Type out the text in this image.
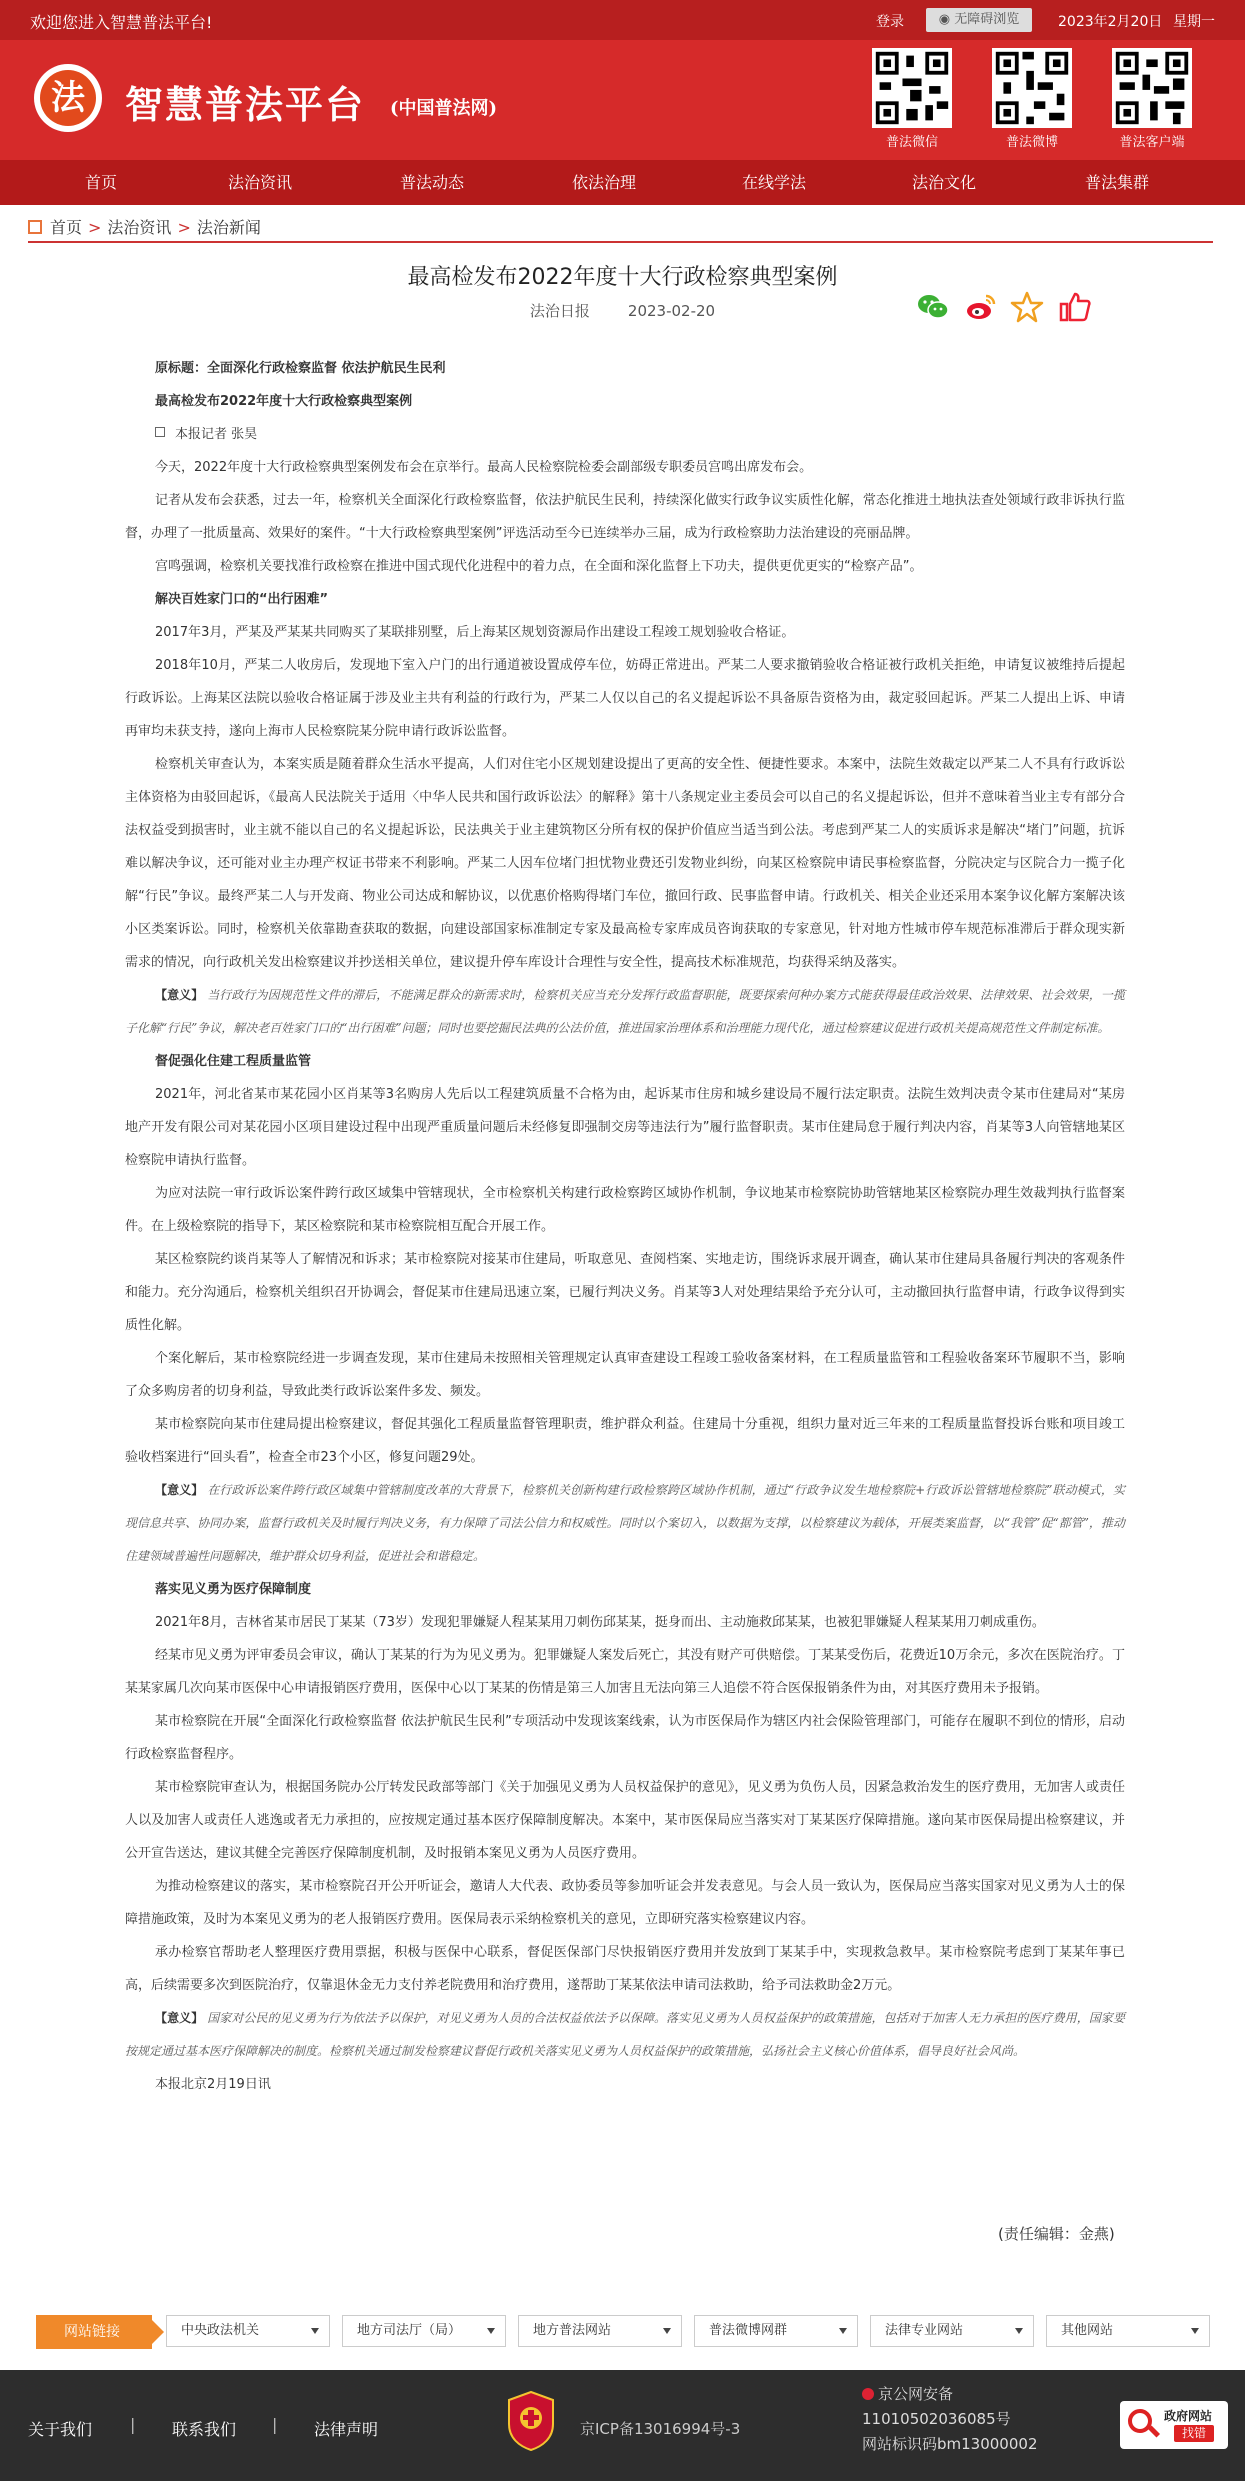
欢迎您进入智慧普法平台!	登录	◉ 无障碍浏览	2023年2月20日 星期一
法 智慧普法平台 (中国普法网)
普法微信	普法微博	普法客户端
首页	法治资讯	普法动态	依法治理	在线学法	法治文化	普法集群
首页 > 法治资讯 > 法治新闻
最高检发布2022年度十大行政检察典型案例
法治日报	2023-02-20

原标题：全面深化行政检察监督 依法护航民生民利

最高检发布2022年度十大行政检察典型案例

本报记者 张昊

今天，2022年度十大行政检察典型案例发布会在京举行。最高人民检察院检委会副部级专职委员宫鸣出席发布会。

记者从发布会获悉，过去一年，检察机关全面深化行政检察监督，依法护航民生民利，持续深化做实行政争议实质性化解，常态化推进土地执法查处领域行政非诉执行监督，办理了一批质量高、效果好的案件。“十大行政检察典型案例”评选活动至今已连续举办三届，成为行政检察助力法治建设的亮丽品牌。

宫鸣强调，检察机关要找准行政检察在推进中国式现代化进程中的着力点，在全面和深化监督上下功夫，提供更优更实的“检察产品”。

解决百姓家门口的“出行困难”

2017年3月，严某及严某某共同购买了某联排别墅，后上海某区规划资源局作出建设工程竣工规划验收合格证。

2018年10月，严某二人收房后，发现地下室入户门的出行通道被设置成停车位，妨碍正常进出。严某二人要求撤销验收合格证被行政机关拒绝，申请复议被维持后提起行政诉讼。上海某区法院以验收合格证属于涉及业主共有利益的行政行为，严某二人仅以自己的名义提起诉讼不具备原告资格为由，裁定驳回起诉。严某二人提出上诉、申请再审均未获支持，遂向上海市人民检察院某分院申请行政诉讼监督。

检察机关审查认为，本案实质是随着群众生活水平提高，人们对住宅小区规划建设提出了更高的安全性、便捷性要求。本案中，法院生效裁定以严某二人不具有行政诉讼主体资格为由驳回起诉，《最高人民法院关于适用〈中华人民共和国行政诉讼法〉的解释》第十八条规定业主委员会可以自己的名义提起诉讼，但并不意味着当业主专有部分合法权益受到损害时，业主就不能以自己的名义提起诉讼，民法典关于业主建筑物区分所有权的保护价值应当适当到公法。考虑到严某二人的实质诉求是解决“堵门”问题，抗诉难以解决争议，还可能对业主办理产权证书带来不利影响。严某二人因车位堵门担忧物业费还引发物业纠纷，向某区检察院申请民事检察监督，分院决定与区院合力一揽子化解“行民”争议。最终严某二人与开发商、物业公司达成和解协议，以优惠价格购得堵门车位，撤回行政、民事监督申请。行政机关、相关企业还采用本案争议化解方案解决该小区类案诉讼。同时，检察机关依靠勘查获取的数据，向建设部国家标准制定专家及最高检专家库成员咨询获取的专家意见，针对地方性城市停车规范标准滞后于群众现实新需求的情况，向行政机关发出检察建议并抄送相关单位，建议提升停车库设计合理性与安全性，提高技术标准规范，均获得采纳及落实。

【意义】 当行政行为因规范性文件的滞后，不能满足群众的新需求时，检察机关应当充分发挥行政监督职能，既要探索何种办案方式能获得最佳政治效果、法律效果、社会效果，一揽子化解“行民”争议，解决老百姓家门口的“出行困难”问题；同时也要挖掘民法典的公法价值，推进国家治理体系和治理能力现代化，通过检察建议促进行政机关提高规范性文件制定标准。

督促强化住建工程质量监管

2021年，河北省某市某花园小区肖某等3名购房人先后以工程建筑质量不合格为由，起诉某市住房和城乡建设局不履行法定职责。法院生效判决责令某市住建局对“某房地产开发有限公司对某花园小区项目建设过程中出现严重质量问题后未经修复即强制交房等违法行为”履行监督职责。某市住建局怠于履行判决内容，肖某等3人向管辖地某区检察院申请执行监督。

为应对法院一审行政诉讼案件跨行政区域集中管辖现状，全市检察机关构建行政检察跨区域协作机制，争议地某市检察院协助管辖地某区检察院办理生效裁判执行监督案件。在上级检察院的指导下，某区检察院和某市检察院相互配合开展工作。

某区检察院约谈肖某等人了解情况和诉求；某市检察院对接某市住建局，听取意见、查阅档案、实地走访，围绕诉求展开调查，确认某市住建局具备履行判决的客观条件和能力。充分沟通后，检察机关组织召开协调会，督促某市住建局迅速立案，已履行判决义务。肖某等3人对处理结果给予充分认可，主动撤回执行监督申请，行政争议得到实质性化解。

个案化解后，某市检察院经进一步调查发现，某市住建局未按照相关管理规定认真审查建设工程竣工验收备案材料，在工程质量监管和工程验收备案环节履职不当，影响了众多购房者的切身利益，导致此类行政诉讼案件多发、频发。

某市检察院向某市住建局提出检察建议，督促其强化工程质量监督管理职责，维护群众利益。住建局十分重视，组织力量对近三年来的工程质量监督投诉台账和项目竣工验收档案进行“回头看”，检查全市23个小区，修复问题29处。

【意义】 在行政诉讼案件跨行政区域集中管辖制度改革的大背景下，检察机关创新构建行政检察跨区域协作机制，通过“行政争议发生地检察院+行政诉讼管辖地检察院”联动模式，实现信息共享、协同办案，监督行政机关及时履行判决义务，有力保障了司法公信力和权威性。同时以个案切入，以数据为支撑，以检察建议为载体，开展类案监督，以“我管”促“都管”，推动住建领域普遍性问题解决，维护群众切身利益，促进社会和谐稳定。

落实见义勇为医疗保障制度

2021年8月，吉林省某市居民丁某某（73岁）发现犯罪嫌疑人程某某用刀刺伤邱某某，挺身而出、主动施救邱某某，也被犯罪嫌疑人程某某用刀刺成重伤。

经某市见义勇为评审委员会审议，确认丁某某的行为为见义勇为。犯罪嫌疑人案发后死亡，其没有财产可供赔偿。丁某某受伤后，花费近10万余元，多次在医院治疗。丁某某家属几次向某市医保中心申请报销医疗费用，医保中心以丁某某的伤情是第三人加害且无法向第三人追偿不符合医保报销条件为由，对其医疗费用未予报销。

某市检察院在开展“全面深化行政检察监督 依法护航民生民利”专项活动中发现该案线索，认为市医保局作为辖区内社会保险管理部门，可能存在履职不到位的情形，启动行政检察监督程序。

某市检察院审查认为，根据国务院办公厅转发民政部等部门《关于加强见义勇为人员权益保护的意见》，见义勇为负伤人员，因紧急救治发生的医疗费用，无加害人或责任人以及加害人或责任人逃逸或者无力承担的，应按规定通过基本医疗保障制度解决。本案中，某市医保局应当落实对丁某某医疗保障措施。遂向某市医保局提出检察建议，并公开宣告送达，建议其健全完善医疗保障制度机制，及时报销本案见义勇为人员医疗费用。

为推动检察建议的落实，某市检察院召开公开听证会，邀请人大代表、政协委员等参加听证会并发表意见。与会人员一致认为，医保局应当落实国家对见义勇为人士的保障措施政策，及时为本案见义勇为的老人报销医疗费用。医保局表示采纳检察机关的意见，立即研究落实检察建议内容。

承办检察官帮助老人整理医疗费用票据，积极与医保中心联系，督促医保部门尽快报销医疗费用并发放到丁某某手中，实现救急救早。某市检察院考虑到丁某某年事已高，后续需要多次到医院治疗，仅靠退休金无力支付养老院费用和治疗费用，遂帮助丁某某依法申请司法救助，给予司法救助金2万元。

【意义】 国家对公民的见义勇为行为依法予以保护，对见义勇为人员的合法权益依法予以保障。落实见义勇为人员权益保护的政策措施，包括对于加害人无力承担的医疗费用，国家要按规定通过基本医疗保障解决的制度。检察机关通过制发检察建议督促行政机关落实见义勇为人员权益保护的政策措施，弘扬社会主义核心价值体系，倡导良好社会风尚。

本报北京2月19日讯

(责任编辑：金燕)
网站链接	中央政法机关	地方司法厅（局）	地方普法网站	普法微博网群	法律专业网站	其他网站
关于我们 | 联系我们 | 法律声明	京ICP备13016994号-3
京公网安备
11010502036085号
网站标识码bm13000002
政府网站
找错
